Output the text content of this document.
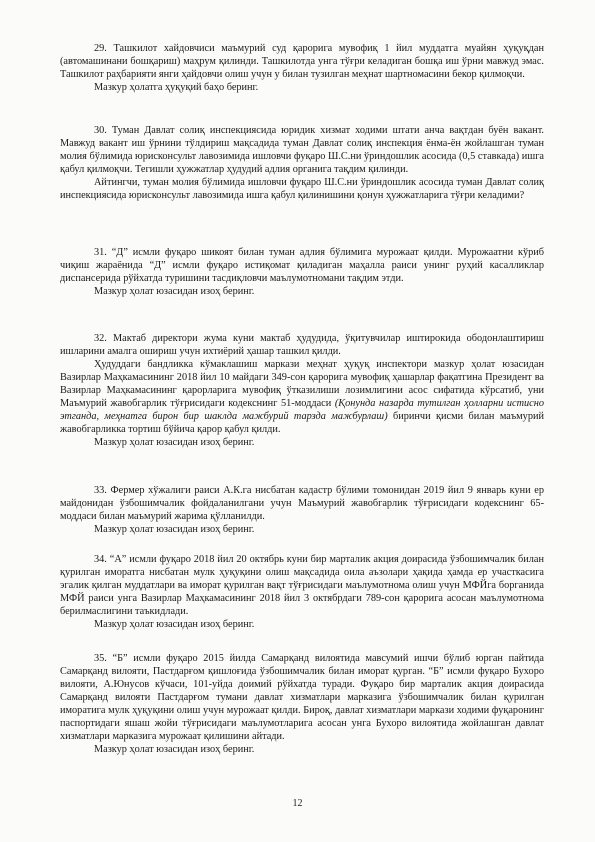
29. Ташкилот хайдовчиси маъмурий суд қарорига мувофиқ 1 йил муддатга муайян ҳуқуқдан (автомашинани бошқариш) маҳрум қилинди. Ташкилотда унга тўғри келадиган бошқа иш ўрни мавжуд эмас. Ташкилот раҳбарияти янги ҳайдовчи олиш учун у билан тузилган меҳнат шартномасини бекор қилмоқчи.

Мазкур ҳолатга ҳуқуқий баҳо беринг.

30. Туман Давлат солиқ инспекциясида юридик хизмат ходими штати анча вақтдан буён вакант. Мавжуд вакант иш ўрнини тўлдириш мақсадида туман Давлат солиқ инспекция ёнма-ён жойлашган туман молия бўлимида юрисконсульт лавозимида ишловчи фуқаро Ш.С.ни ўриндошлик асосида (0,5 ставкада) ишга қабул қилмоқчи. Тегишли ҳужжатлар ҳудудий адлия органига тақдим қилинди.

Айтингчи, туман молия бўлимида ишловчи фуқаро Ш.С.ни ўриндошлик асосида туман Давлат солиқ инспекциясида юрисконсульт лавозимида ишга қабул қилинишини қонун ҳужжатларига тўғри келадими?

31. “Д” исмли фуқаро шикоят билан туман адлия бўлимига мурожаат қилди. Мурожаатни кўриб чиқиш жараёнида “Д” исмли фуқаро истиқомат қиладиган маҳалла раиси унинг руҳий касалликлар диспансерида рўйхатда туришини тасдиқловчи маълумотномани тақдим этди.

Мазкур ҳолат юзасидан изоҳ беринг.

32. Мактаб директори жума куни мактаб ҳудудида, ўқитувчилар иштирокида ободонлаштириш ишларини амалга ошириш учун ихтиёрий ҳашар ташкил қилди.

Ҳудуддаги бандликка кўмаклашиш маркази меҳнат ҳуқуқ инспектори мазкур ҳолат юзасидан Вазирлар Маҳкамасининг 2018 йил 10 майдаги 349-сон қарорига мувофиқ ҳашарлар фақатгина Президент ва Вазирлар Маҳкамасининг қарорларига мувофиқ ўтказилиши лозимлигини асос сифатида кўрсатиб, уни Маъмурий жавобгарлик тўғрисидаги кодекснинг 51-моддаси (Қонунда назарда тутилган ҳолларни истисно этганда, меҳнатга бирон бир шаклда мажбурий тарзда мажбурлаш) биринчи қисми билан маъмурий жавобгарликка тортиш бўйича қарор қабул қилди.

Мазкур ҳолат юзасидан изоҳ беринг.

33. Фермер хўжалиги раиси А.К.га нисбатан кадастр бўлими томонидан 2019 йил 9 январь куни ер майдонидан ўзбошимчалик фойдаланилгани учун Маъмурий жавобгарлик тўғрисидаги кодекснинг 65-моддаси билан маъмурий жарима қўлланилди.

Мазкур ҳолат юзасидан изоҳ беринг.

34. “А” исмли фуқаро 2018 йил 20 октябрь куни бир марталик акция доирасида ўзбошимчалик билан қурилган иморатга нисбатан мулк ҳуқуқини олиш мақсадида оила аъзолари ҳақида ҳамда ер участкасига эгалик қилган муддатлари ва иморат қурилган вақт тўғрисидаги маълумотнома олиш учун МФЙга борганида МФЙ раиси унга Вазирлар Маҳкамасининг 2018 йил 3 октябрдаги 789-сон қарорига асосан маълумотнома берилмаслигини таъкидлади.

Мазкур ҳолат юзасидан изоҳ беринг.

35. “Б” исмли фуқаро 2015 йилда Самарқанд вилоятида мавсумий ишчи бўлиб юрган пайтида Самарқанд вилояти, Пастдарғом қишлоғида ўзбошимчалик билан иморат қурган. “Б” исмли фуқаро Бухоро вилояти, А.Юнусов кўчаси, 101-уйда доимий рўйхатда туради. Фуқаро бир марталик акция доирасида Самарқанд вилояти Пастдарғом тумани давлат хизматлари марказига ўзбошимчалик билан қурилган иморатига мулк ҳуқуқини олиш учун мурожаат қилди. Бироқ, давлат хизматлари маркази ходими фуқаронинг паспортидаги яшаш жойи тўғрисидаги маълумотларига асосан унга Бухоро вилоятида жойлашган давлат хизматлари марказига мурожаат қилишини айтади.

Мазкур ҳолат юзасидан изоҳ беринг.

12
